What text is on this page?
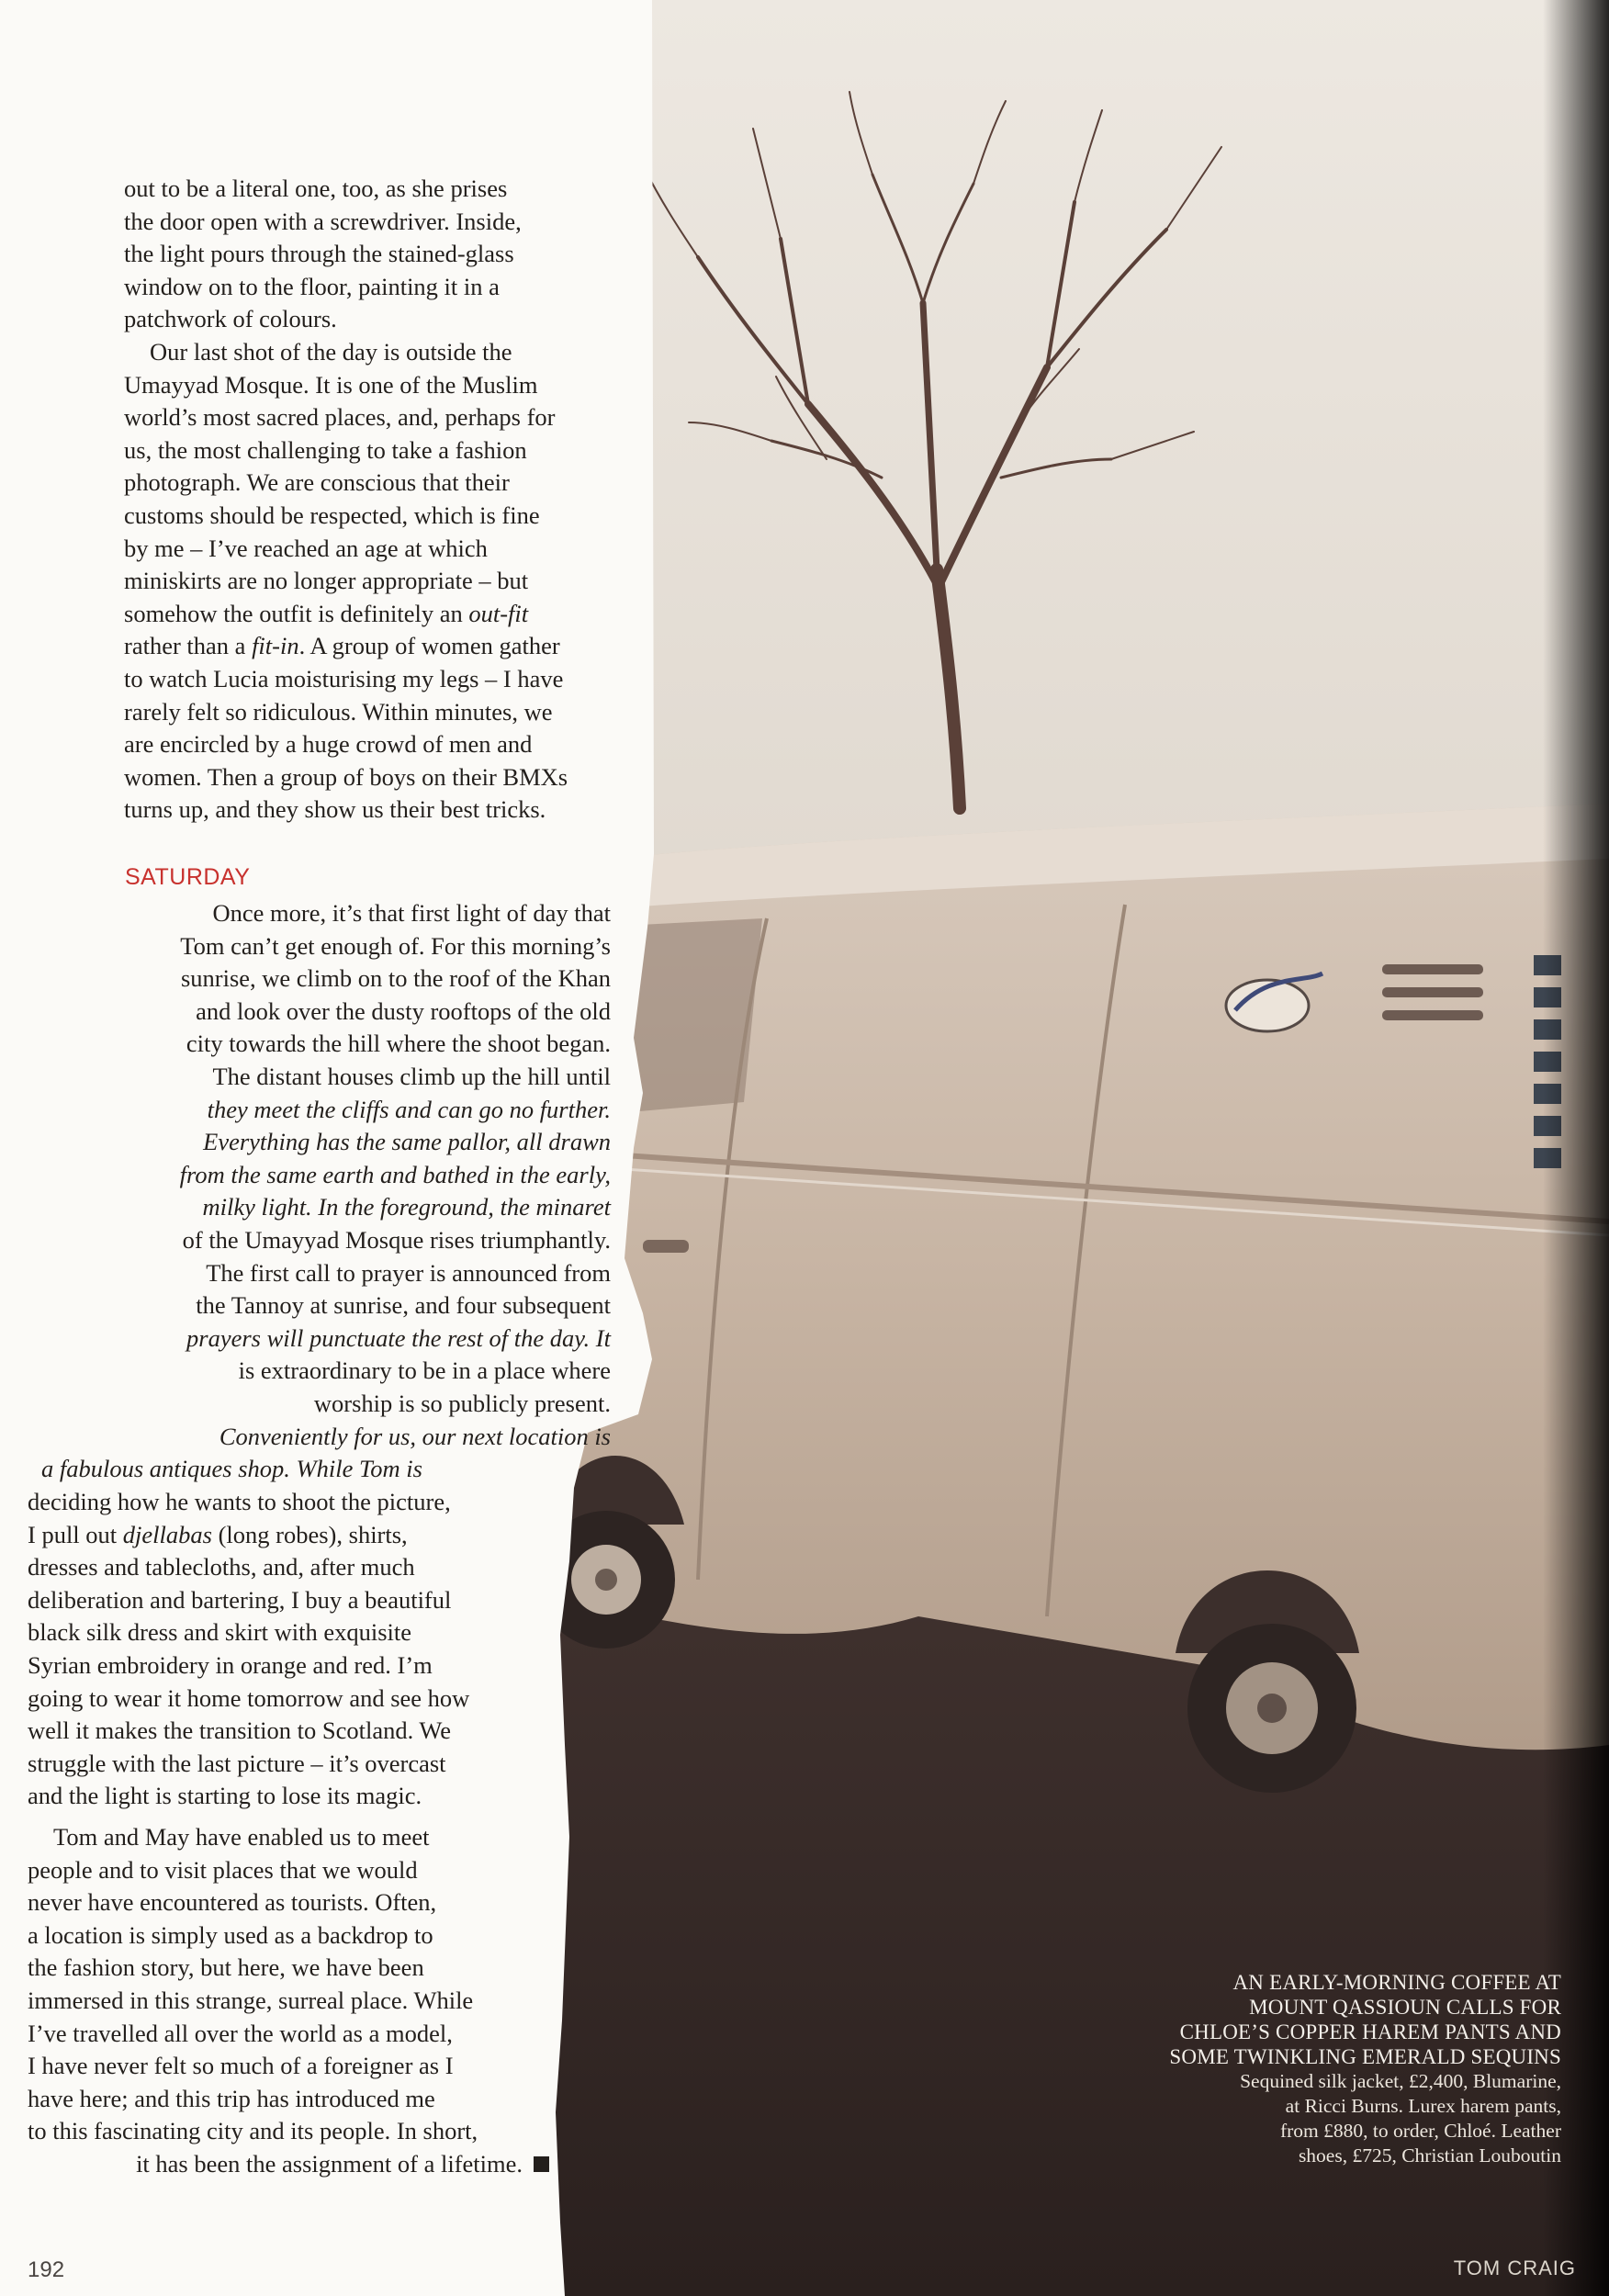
out to be a literal one, too, as she prises
the door open with a screwdriver. Inside,
the light pours through the stained-glass
window on to the floor, painting it in a
patchwork of colours.
Our last shot of the day is outside the
Umayyad Mosque. It is one of the Muslim
world’s most sacred places, and, perhaps for
us, the most challenging to take a fashion
photograph. We are conscious that their
customs should be respected, which is fine
by me – I’ve reached an age at which
miniskirts are no longer appropriate – but
somehow the outfit is definitely an out-fit
rather than a fit-in. A group of women gather
to watch Lucia moisturising my legs – I have
rarely felt so ridiculous. Within minutes, we
are encircled by a huge crowd of men and
women. Then a group of boys on their BMXs
turns up, and they show us their best tricks.

SATURDAY

Once more, it’s that first light of day that
Tom can’t get enough of. For this morning’s
sunrise, we climb on to the roof of the Khan
and look over the dusty rooftops of the old
city towards the hill where the shoot began.
The distant houses climb up the hill until
they meet the cliffs and can go no further.
Everything has the same pallor, all drawn
from the same earth and bathed in the early,
milky light. In the foreground, the minaret
of the Umayyad Mosque rises triumphantly.
The first call to prayer is announced from
the Tannoy at sunrise, and four subsequent
prayers will punctuate the rest of the day. It
is extraordinary to be in a place where
worship is so publicly present.
Conveniently for us, our next location is
a fabulous antiques shop. While Tom is

deciding how he wants to shoot the picture,
I pull out djellabas (long robes), shirts,
dresses and tablecloths, and, after much
deliberation and bartering, I buy a beautiful
black silk dress and skirt with exquisite
Syrian embroidery in orange and red. I’m
going to wear it home tomorrow and see how
well it makes the transition to Scotland. We
struggle with the last picture – it’s overcast
and the light is starting to lose its magic.

Tom and May have enabled us to meet
people and to visit places that we would
never have encountered as tourists. Often,
a location is simply used as a backdrop to
the fashion story, but here, we have been
immersed in this strange, surreal place. While
I’ve travelled all over the world as a model,
I have never felt so much of a foreigner as I
have here; and this trip has introduced me
to this fascinating city and its people. In short,
it has been the assignment of a lifetime.

AN EARLY-MORNING COFFEE AT
MOUNT QASSIOUN CALLS FOR
CHLOE’S COPPER HAREM PANTS AND
SOME TWINKLING EMERALD SEQUINS

Sequined silk jacket, £2,400, Blumarine,
at Ricci Burns. Lurex harem pants,
from £880, to order, Chloé. Leather
shoes, £725, Christian Louboutin

192	TOM CRAIG
